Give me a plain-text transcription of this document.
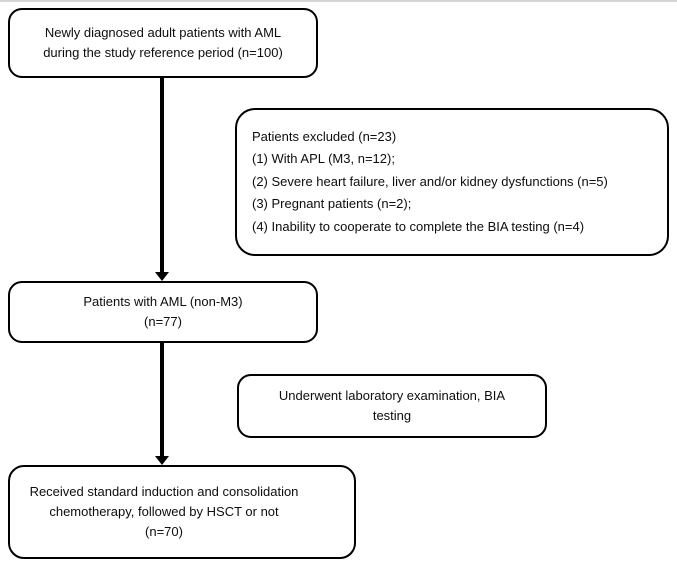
Newly diagnosed adult patients with AML
during the study reference period (n=100)
Patients excluded (n=23)
(1) With APL (M3, n=12);
(2) Severe heart failure, liver and/or kidney dysfunctions (n=5)
(3) Pregnant patients (n=2);
(4) Inability to cooperate to complete the BIA testing (n=4)
Patients with AML (non-M3)
(n=77)
Underwent laboratory examination, BIA
testing
Received standard induction and consolidation
chemotherapy, followed by HSCT or not
(n=70)
